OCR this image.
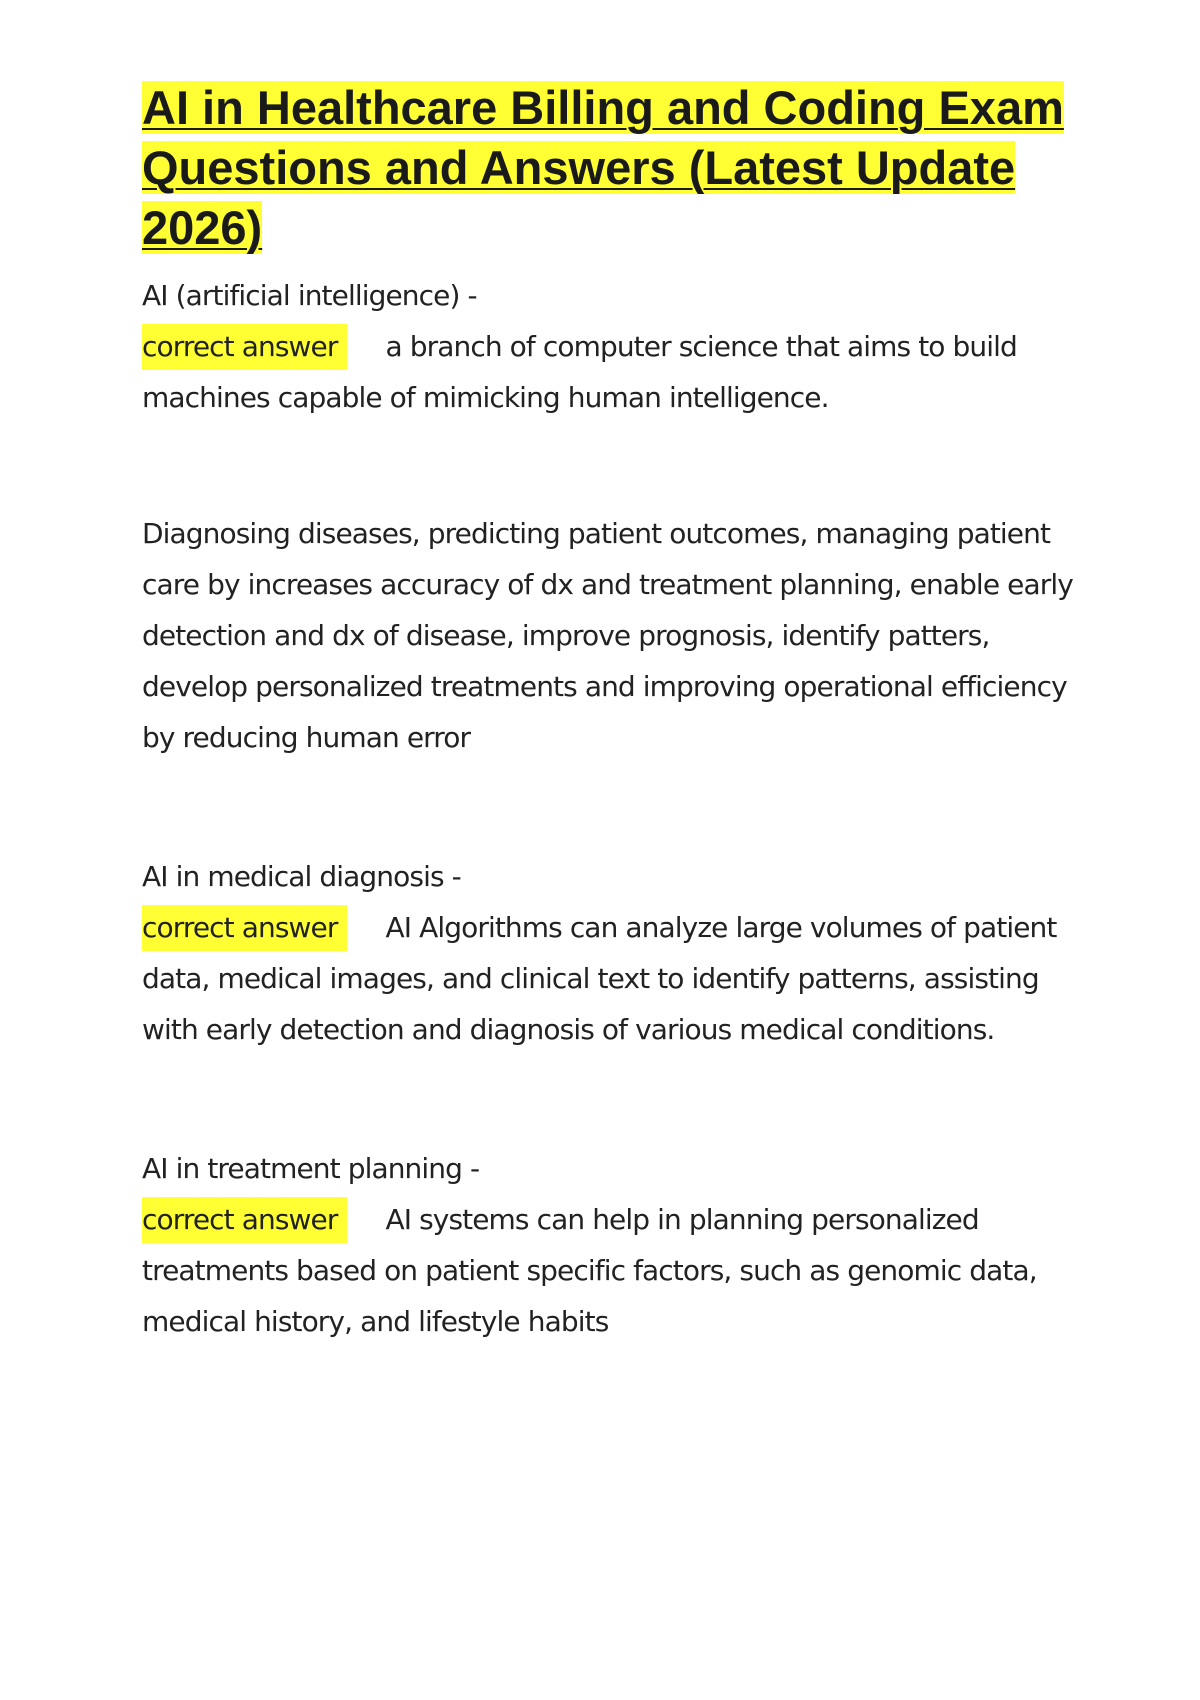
AI in Healthcare Billing and Coding Exam Questions and Answers (Latest Update 2026)
AI (artificial intelligence) -
correct answer a branch of computer science that aims to build machines capable of mimicking human intelligence.
Diagnosing diseases, predicting patient outcomes, managing patient care by increases accuracy of dx and treatment planning, enable early detection and dx of disease, improve prognosis, identify patters, develop personalized treatments and improving operational efficiency by reducing human error
AI in medical diagnosis -
correct answer AI Algorithms can analyze large volumes of patient data, medical images, and clinical text to identify patterns, assisting with early detection and diagnosis of various medical conditions.
AI in treatment planning -
correct answer AI systems can help in planning personalized treatments based on patient specific factors, such as genomic data, medical history, and lifestyle habits
